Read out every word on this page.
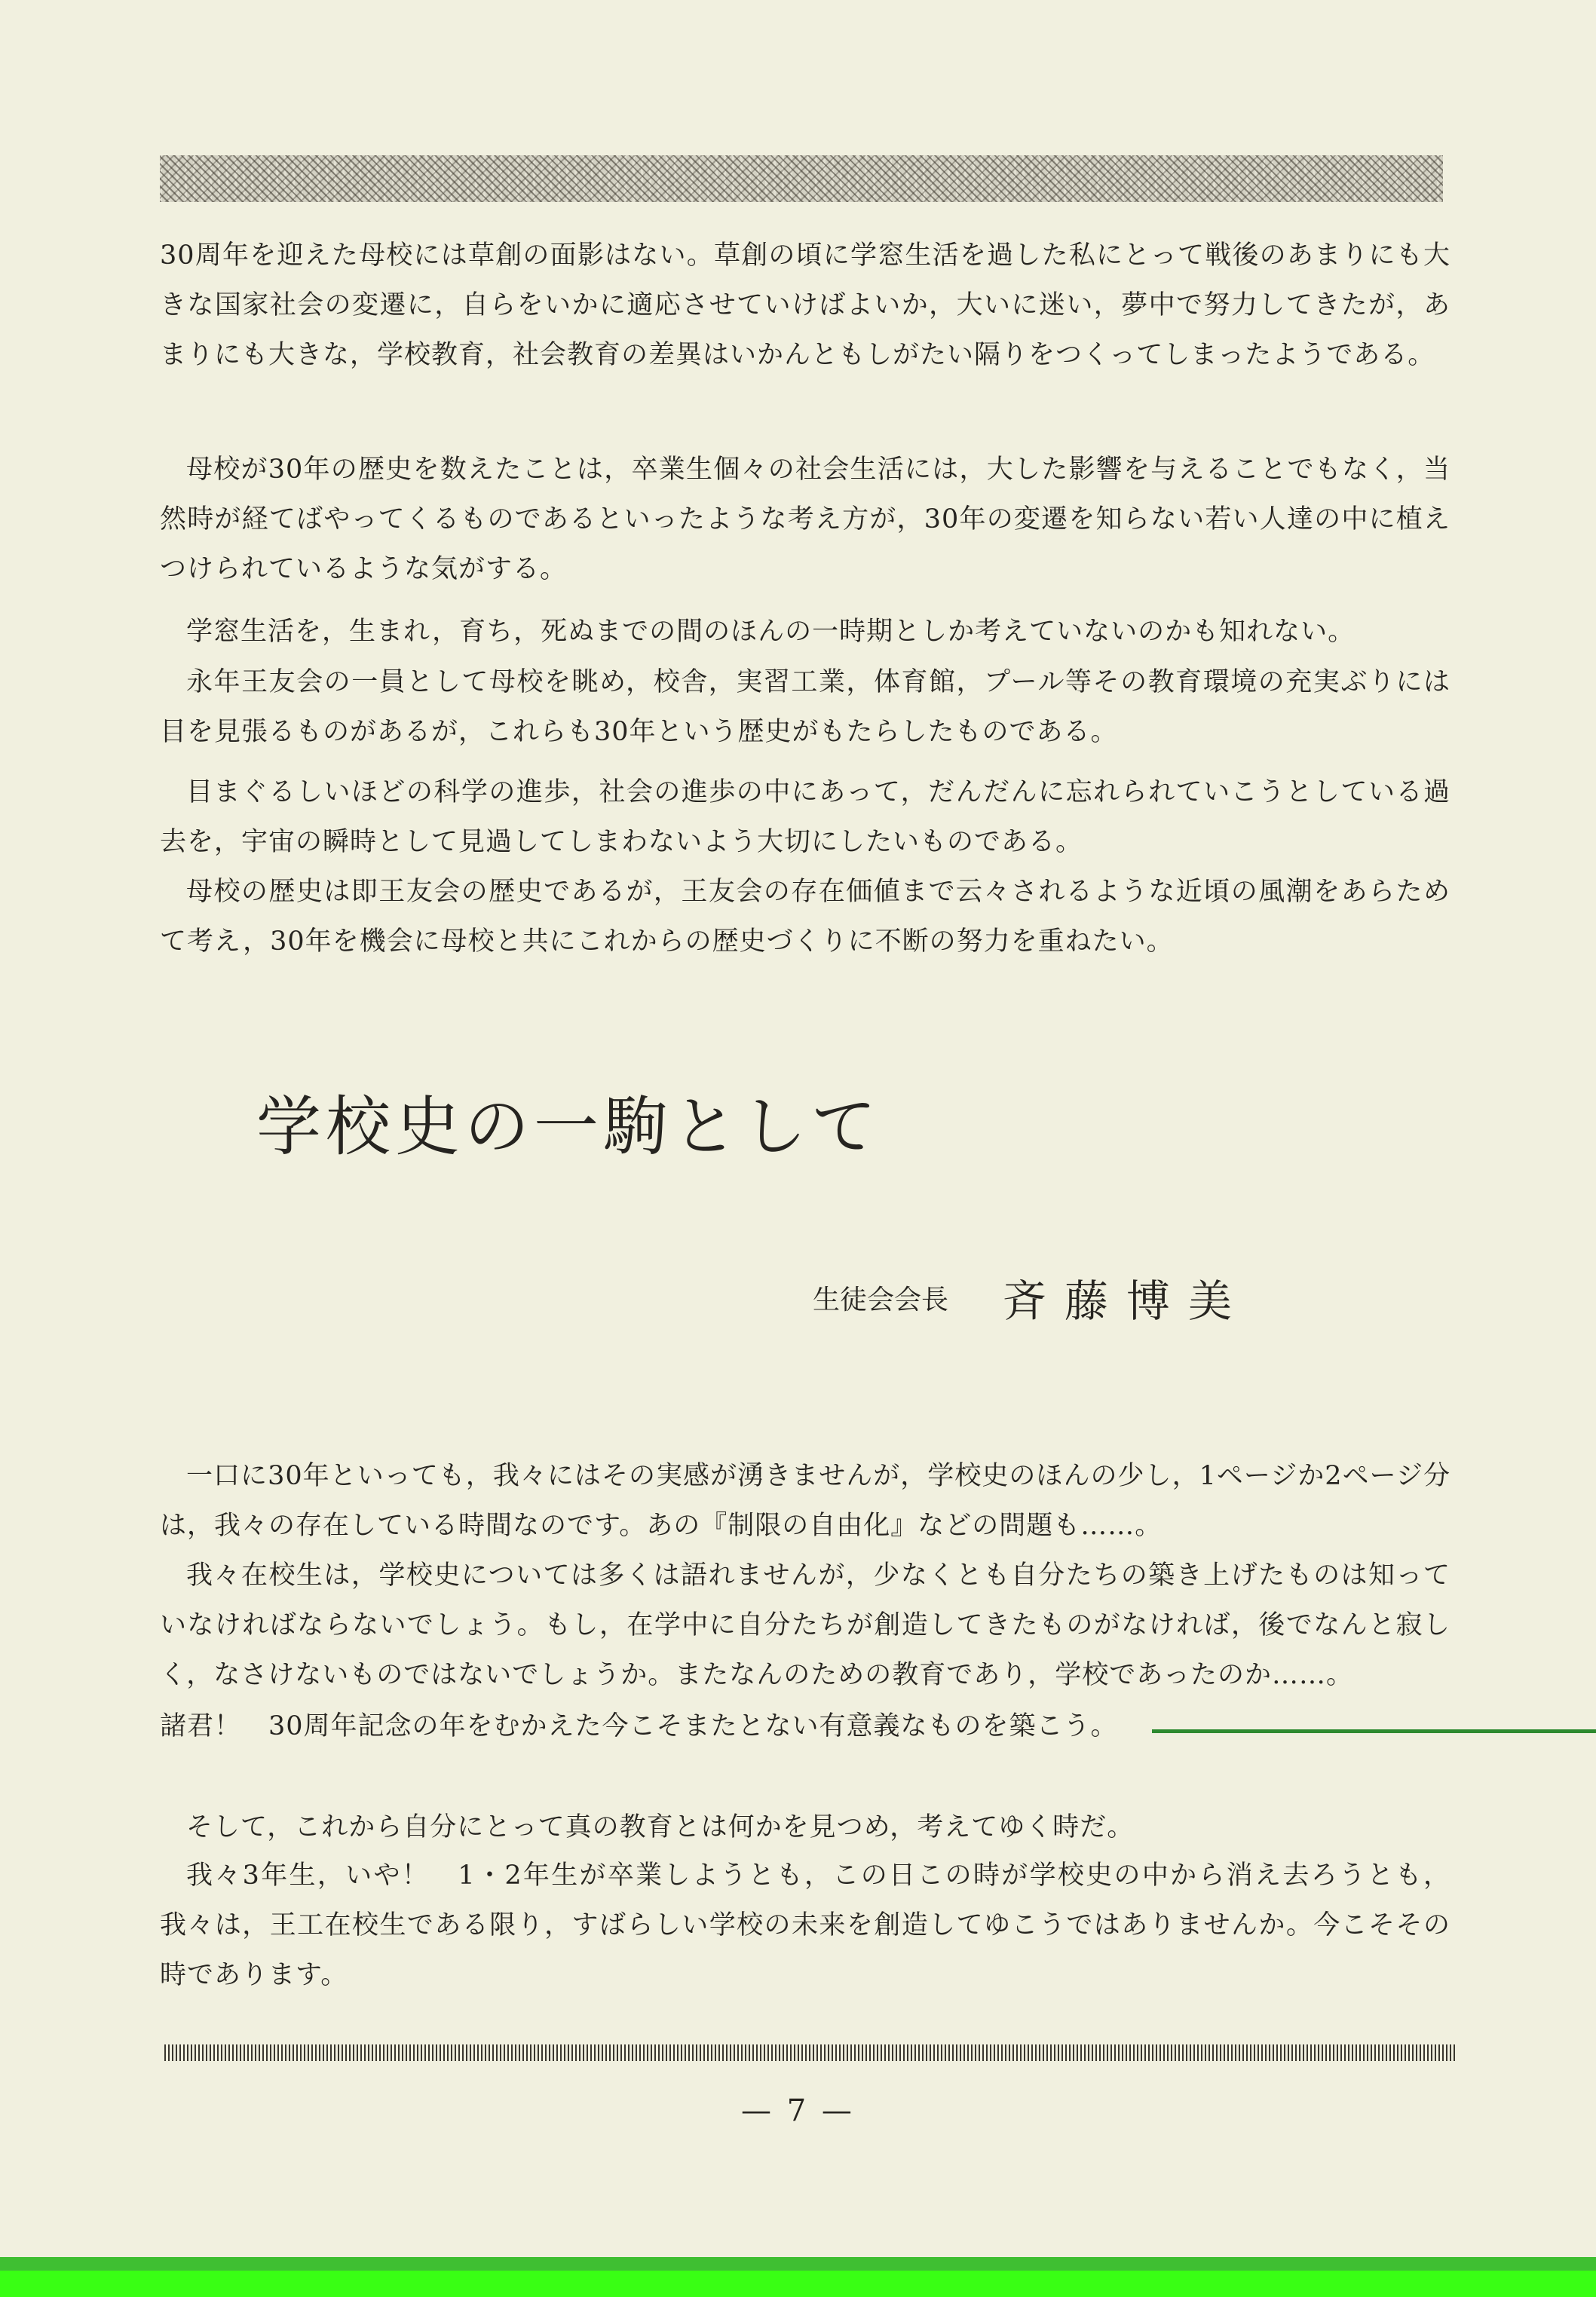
30周年を迎えた母校には草創の面影はない。草創の頃に学窓生活を過した私にとって戦後のあまりにも大きな国家社会の変遷に，自らをいかに適応させていけばよいか，大いに迷い，夢中で努力してきたが，あまりにも大きな，学校教育，社会教育の差異はいかんともしがたい隔りをつくってしまったようである。

母校が30年の歴史を数えたことは，卒業生個々の社会生活には，大した影響を与えることでもなく，当然時が経てばやってくるものであるといったような考え方が，30年の変遷を知らない若い人達の中に植えつけられているような気がする。

学窓生活を，生まれ，育ち，死ぬまでの間のほんの一時期としか考えていないのかも知れない。

永年王友会の一員として母校を眺め，校舎，実習工業，体育館，プール等その教育環境の充実ぶりには目を見張るものがあるが，これらも30年という歴史がもたらしたものである。

目まぐるしいほどの科学の進歩，社会の進歩の中にあって，だんだんに忘れられていこうとしている過去を，宇宙の瞬時として見過してしまわないよう大切にしたいものである。

母校の歴史は即王友会の歴史であるが，王友会の存在価値まで云々されるような近頃の風潮をあらためて考え，30年を機会に母校と共にこれからの歴史づくりに不断の努力を重ねたい。

学校史の一駒として
生徒会会長 斉藤博美

一口に30年といっても，我々にはその実感が湧きませんが，学校史のほんの少し，1ページか2ページ分は，我々の存在している時間なのです。あの『制限の自由化』などの問題も……。

我々在校生は，学校史については多くは語れませんが，少なくとも自分たちの築き上げたものは知っていなければならないでしょう。もし，在学中に自分たちが創造してきたものがなければ，後でなんと寂しく，なさけないものではないでしょうか。またなんのための教育であり，学校であったのか……。

諸君！　30周年記念の年をむかえた今こそまたとない有意義なものを築こう。

そして，これから自分にとって真の教育とは何かを見つめ，考えてゆく時だ。

我々3年生，いや！　1・2年生が卒業しようとも，この日この時が学校史の中から消え去ろうとも，我々は，王工在校生である限り，すばらしい学校の未来を創造してゆこうではありませんか。今こそその時であります。

— 7 —
